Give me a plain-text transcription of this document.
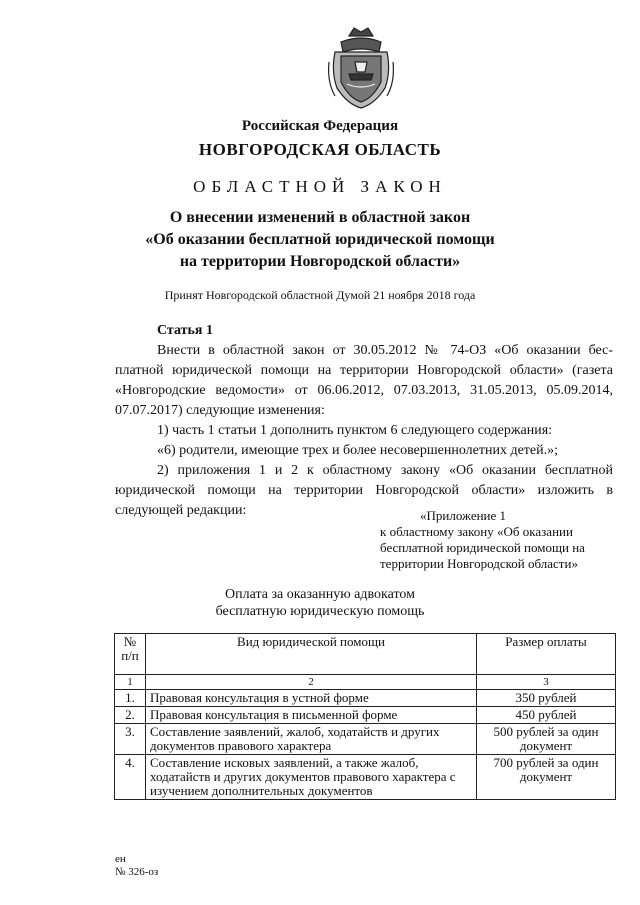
Российская Федерация
НОВГОРОДСКАЯ ОБЛАСТЬ
ОБЛАСТНОЙ ЗАКОН
О внесении изменений в областной закон
«Об оказании бесплатной юридической помощи
на территории Новгородской области»
Принят Новгородской областной Думой 21 ноября 2018 года
Статья 1
Внести в областной закон от 30.05.2012 № 74-ОЗ «Об оказании бес-
платной юридической помощи на территории Новгородской области» (газета
«Новгородские ведомости» от 06.06.2012, 07.03.2013, 31.05.2013, 05.09.2014,
07.07.2017) следующие изменения:
1) часть 1 статьи 1 дополнить пунктом 6 следующего содержания:
«6) родители, имеющие трех и более несовершеннолетних детей.»;
2) приложения 1 и 2 к областному закону «Об оказании бесплатной
юридической помощи на территории Новгородской области» изложить в
следующей редакции:	«Приложение 1
к областному закону «Об оказании
бесплатной юридической помощи на
территории Новгородской области»
Оплата за оказанную адвокатом
бесплатную юридическую помощь
№ п/п	Вид юридической помощи	Размер оплаты
1	2	3
1.	Правовая консультация в устной форме	350 рублей
2.	Правовая консультация в письменной форме	450 рублей
3.	Составление заявлений, жалоб, ходатайств и других документов правового характера	500 рублей за один документ
4.	Составление исковых заявлений, а также жалоб, ходатайств и других документов правового характера с изучением дополнительных документов	700 рублей за один документ
ен
№ 326-оз
